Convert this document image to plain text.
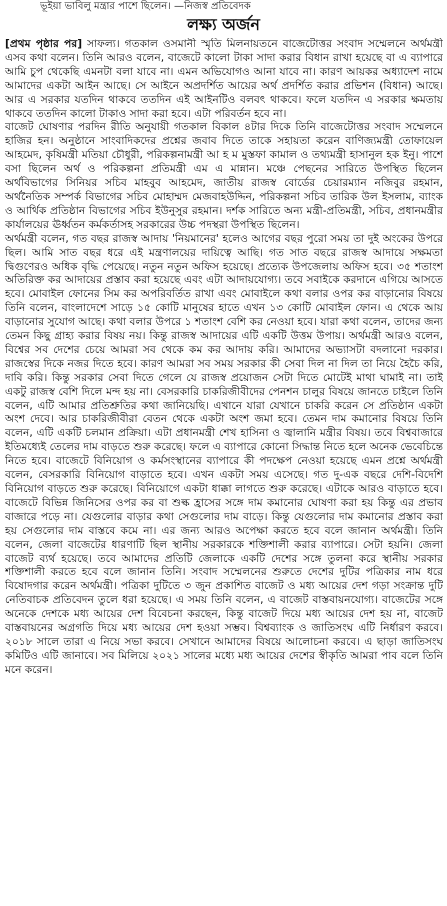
ভূইয়া ভাবিলু মন্ত্রার পাশে ছিলেন। —নিজস্ব প্রতিবেদক
লক্ষ্য অর্জন

[প্রথম পৃষ্ঠার পর] সাফল্য। গতকাল ওসমানী স্মৃতি মিলনায়তনে বাজেটোত্তর সংবাদ সম্মেলনে অর্থমন্ত্রী এসব কথা বলেন। তিনি আরও বলেন, বাজেটে কালো টাকা সাদা করার বিধান রাখা হয়েছে বা এ ব্যাপারে আমি চুপ থেকেছি এমনটা বলা যাবে না। এমন অভিযোগও আনা যাবে না। কারণ আয়কর অধ্যাদেশ নামে আমাদের একটা আইন আছে। সে আইনে অপ্রদর্শিত আয়ের অর্থ প্রদর্শিত করার প্রভিশন (বিধান) আছে। আর এ সরকার যতদিন থাকবে ততদিন এই আইনটিও বলবৎ থাকবে। ফলে যতদিন এ সরকার ক্ষমতায় থাকবে ততদিন কালো টাকাও সাদা করা হবে। এটা পরিবর্তন হবে না।

বাজেট ঘোষণার পরদিন রীতি অনুযায়ী গতকাল বিকাল ৪টার দিকে তিনি বাজেটোত্তর সংবাদ সম্মেলনে হাজির হন। অনুষ্ঠানে সাংবাদিকদের প্রশ্নের জবাব দিতে তাকে সহায়তা করেন বাণিজ্যমন্ত্রী তোফায়েল আহমেদ, কৃষিমন্ত্রী মতিয়া চৌধুরী, পরিকল্পনামন্ত্রী আ হ ম মুস্তফা কামাল ও তথ্যমন্ত্রী হাসানুল হক ইনু। পাশে বসা ছিলেন অর্থ ও পরিকল্পনা প্রতিমন্ত্রী এম এ মান্নান। মঞ্চে পেছনের সারিতে উপস্থিত ছিলেন অর্থবিভাগের সিনিয়র সচিব মাহবুব আহমেদ, জাতীয় রাজস্ব বোর্ডের চেয়ারম্যান নজিবুর রহমান, অর্থনৈতিক সম্পর্ক বিভাগের সচিব মোহাম্মদ মেজবাহউদ্দিন, পরিকল্পনা সচিব তারিক উল ইসলাম, ব্যাংক ও আর্থিক প্রতিষ্ঠান বিভাগের সচিব ইউনুসুর রহমান। দর্শক সারিতে অন্য মন্ত্রী-প্রতিমন্ত্রী, সচিব, প্রধানমন্ত্রীর কার্যালয়ের ঊর্ধ্বতন কর্মকর্তাসহ সরকারের উচ্চ পদস্থরা উপস্থিত ছিলেন।

অর্থমন্ত্রী বলেন, গত বছর রাজস্ব আদায় 'নিয়মানের' হলেও আগের বছর পুরো সময় তা দুই অংকের উপরে ছিল। আমি সাত বছর ধরে এই মন্ত্রণালয়ের দায়িত্বে আছি। গত সাত বছরে রাজস্ব আদায়ে সক্ষমতা দ্বিগুণেরও অধিক বৃদ্ধি পেয়েছে। নতুন নতুন অফিস হয়েছে। প্রত্যেক উপজেলায় অফিস হবে। ৩৫ শতাংশ অতিরিক্ত কর আদায়ের প্রস্তাব করা হয়েছে এবং এটা আদায়যোগ্য। তবে সবাইকে করদানে এগিয়ে আসতে হবে। মোবাইল ফোনের সিম কর অপরিবর্তিত রাখা এবং মোবাইলে কথা বলার ওপর কর বাড়ানোর বিষয়ে তিনি বলেন, বাংলাদেশে সাড়ে ১৫ কোটি মানুষের হাতে এখন ১৩ কোটি মোবাইল ফোন। এ থেকে আয় বাড়ানোর সুযোগ আছে। কথা বলার উপরে ১ শতাংশ বেশি কর নেওয়া হবে। যারা কথা বলেন, তাদের জন্য তেমন কিছু গ্রাহ্য করার বিষয় নয়। কিন্তু রাজস্ব আদায়ের এটি একটি উত্তম উপায়। অর্থমন্ত্রী আরও বলেন, বিশ্বের সব দেশের চেয়ে আমরা সব থেকে কম কর আদায় করি। আমাদের অভ্যাসটা বদলানো দরকার। রাজস্বের দিকে নজর দিতে হবে। কারণ আমরা সব সময় সরকার কী সেবা দিল না দিল তা নিয়ে হৈচৈ করি, দাবি করি। কিন্তু সরকার সেবা দিতে গেলে যে রাজস্ব প্রয়োজন সেটা দিতে মোটেই মাথা ঘামাই না। তাই একটু রাজস্ব বেশি দিলে মন্দ হয় না। বেসরকারি চাকরিজীবীদের পেনশন চালুর বিষয়ে জানতে চাইলে তিনি বলেন, এটি আমার প্রতিশ্রুতির কথা জানিয়েছি। এখানে যারা যেখানে চাকরি করেন সে প্রতিষ্ঠান একটা অংশ দেবে। আর চাকরিজীবীরা বেতন থেকে একটা অংশ জমা হবে। তেমন দাম কমানোর বিষয়ে তিনি বলেন, এটি একটি চলমান প্রক্রিয়া। এটা প্রধানমন্ত্রী শেখ হাসিনা ও জ্বালানি মন্ত্রীর বিষয়। তবে বিশ্ববাজারে ইতিমধ্যেই তেলের দাম বাড়তে শুরু করেছে। ফলে এ ব্যাপারে কোনো সিদ্ধান্ত নিতে হলে অনেক ভেবেচিন্তে নিতে হবে। বাজেটে বিনিয়োগ ও কর্মসংস্থানের ব্যাপারে কী পদক্ষেপ নেওয়া হয়েছে এমন প্রশ্নে অর্থমন্ত্রী বলেন, বেসরকারি বিনিয়োগ বাড়াতে হবে। এখন একটা সময় এসেছে। গত দু-এক বছরে দেশি-বিদেশি বিনিয়োগ বাড়তে শুরু করেছে। বিনিয়োগে একটা ধাক্কা লাগতে শুরু করেছে। এটাকে আরও বাড়াতে হবে। বাজেটে বিভিন্ন জিনিসের ওপর কর বা শুল্ক হ্রাসের সঙ্গে দাম কমানোর ঘোষণা করা হয় কিন্তু এর প্রভাব বাজারে পড়ে না। যেগুলোর বাড়ার কথা সেগুলোর দাম বাড়ে। কিন্তু যেগুলোর দাম কমানোর প্রস্তাব করা হয় সেগুলোর দাম বাস্তবে কমে না। এর জন্য আরও অপেক্ষা করতে হবে বলে জানান অর্থমন্ত্রী। তিনি বলেন, জেলা বাজেটের ধারণাটি ছিল স্থানীয় সরকারকে শক্তিশালী করার ব্যাপারে। সেটা হয়নি। জেলা বাজেট ব্যর্থ হয়েছে। তবে আমাদের প্রতিটি জেলাকে একটি দেশের সঙ্গে তুলনা করে স্থানীয় সরকার শক্তিশালী করতে হবে বলে জানান তিনি। সংবাদ সম্মেলনের শুরুতে দেশের দুটির পত্রিকার নাম ধরে বিষোদগার করেন অর্থমন্ত্রী। পত্রিকা দুটিতে ৩ জুন প্রকাশিত বাজেট ও মধ্য আয়ের দেশ গড়া সংক্রান্ত দুটি নেতিবাচক প্রতিবেদন তুলে ধরা হয়েছে। এ সময় তিনি বলেন, এ বাজেট বাস্তবায়নযোগ্য। বাজেটের সঙ্গে অনেকে দেশকে মধ্য আয়ের দেশ বিবেচনা করছেন, কিন্তু বাজেট দিয়ে মধ্য আয়ের দেশ হয় না, বাজেট বাস্তবায়নের অগ্রগতি দিয়ে মধ্য আয়ের দেশ হওয়া সম্ভব। বিশ্বব্যাংক ও জাতিসংঘ এটি নির্ধারণ করবে। ২০১৮ সালে তারা এ নিয়ে সভা করবে। সেখানে আমাদের বিষয়ে আলোচনা করবে। এ ছাড়া জাতিসংঘ কমিটিও এটি জানাবে। সব মিলিয়ে ২০২১ সালের মধ্যে মধ্য আয়ের দেশের স্বীকৃতি আমরা পাব বলে তিনি মনে করেন।
